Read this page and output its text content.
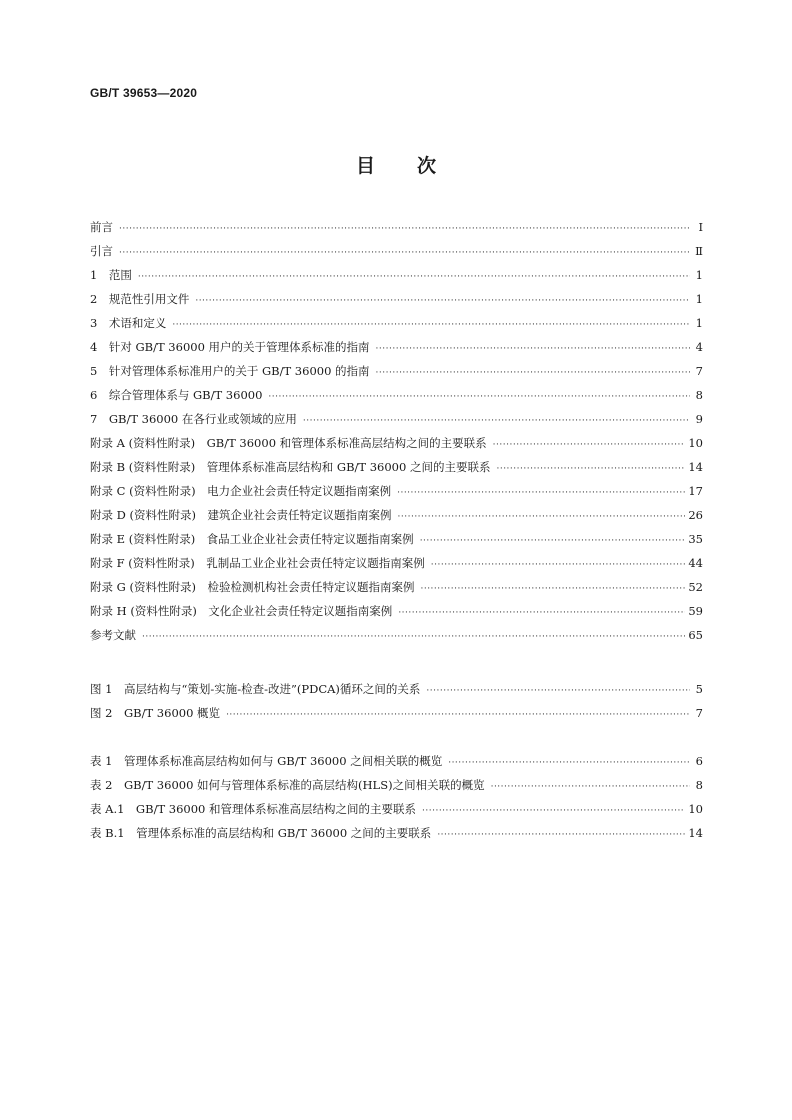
GB/T 39653—2020
目 次
前言 ·····	Ⅰ
引言 ·····	Ⅱ
1　范围 ·····	1
2　规范性引用文件 ·····	1
3　术语和定义 ·····	1
4　针对 GB/T 36000 用户的关于管理体系标准的指南 ·····	4
5　针对管理体系标准用户的关于 GB/T 36000 的指南 ·····	7
6　综合管理体系与 GB/T 36000 ·····	8
7　GB/T 36000 在各行业或领域的应用 ·····	9
附录 A (资料性附录)　GB/T 36000 和管理体系标准高层结构之间的主要联系 ·····	10
附录 B (资料性附录)　管理体系标准高层结构和 GB/T 36000 之间的主要联系 ·····	14
附录 C (资料性附录)　电力企业社会责任特定议题指南案例 ·····	17
附录 D (资料性附录)　建筑企业社会责任特定议题指南案例 ·····	26
附录 E (资料性附录)　食品工业企业社会责任特定议题指南案例 ·····	35
附录 F (资料性附录)　乳制品工业企业社会责任特定议题指南案例 ·····	44
附录 G (资料性附录)　检验检测机构社会责任特定议题指南案例 ·····	52
附录 H (资料性附录)　文化企业社会责任特定议题指南案例 ·····	59
参考文献 ·····	65
图 1　高层结构与“策划-实施-检查-改进”(PDCA)循环之间的关系 ·····	5
图 2　GB/T 36000 概览 ·····	7
表 1　管理体系标准高层结构如何与 GB/T 36000 之间相关联的概览 ·····	6
表 2　GB/T 36000 如何与管理体系标准的高层结构(HLS)之间相关联的概览 ·····	8
表 A.1　GB/T 36000 和管理体系标准高层结构之间的主要联系 ·····	10
表 B.1　管理体系标准的高层结构和 GB/T 36000 之间的主要联系 ·····	14
